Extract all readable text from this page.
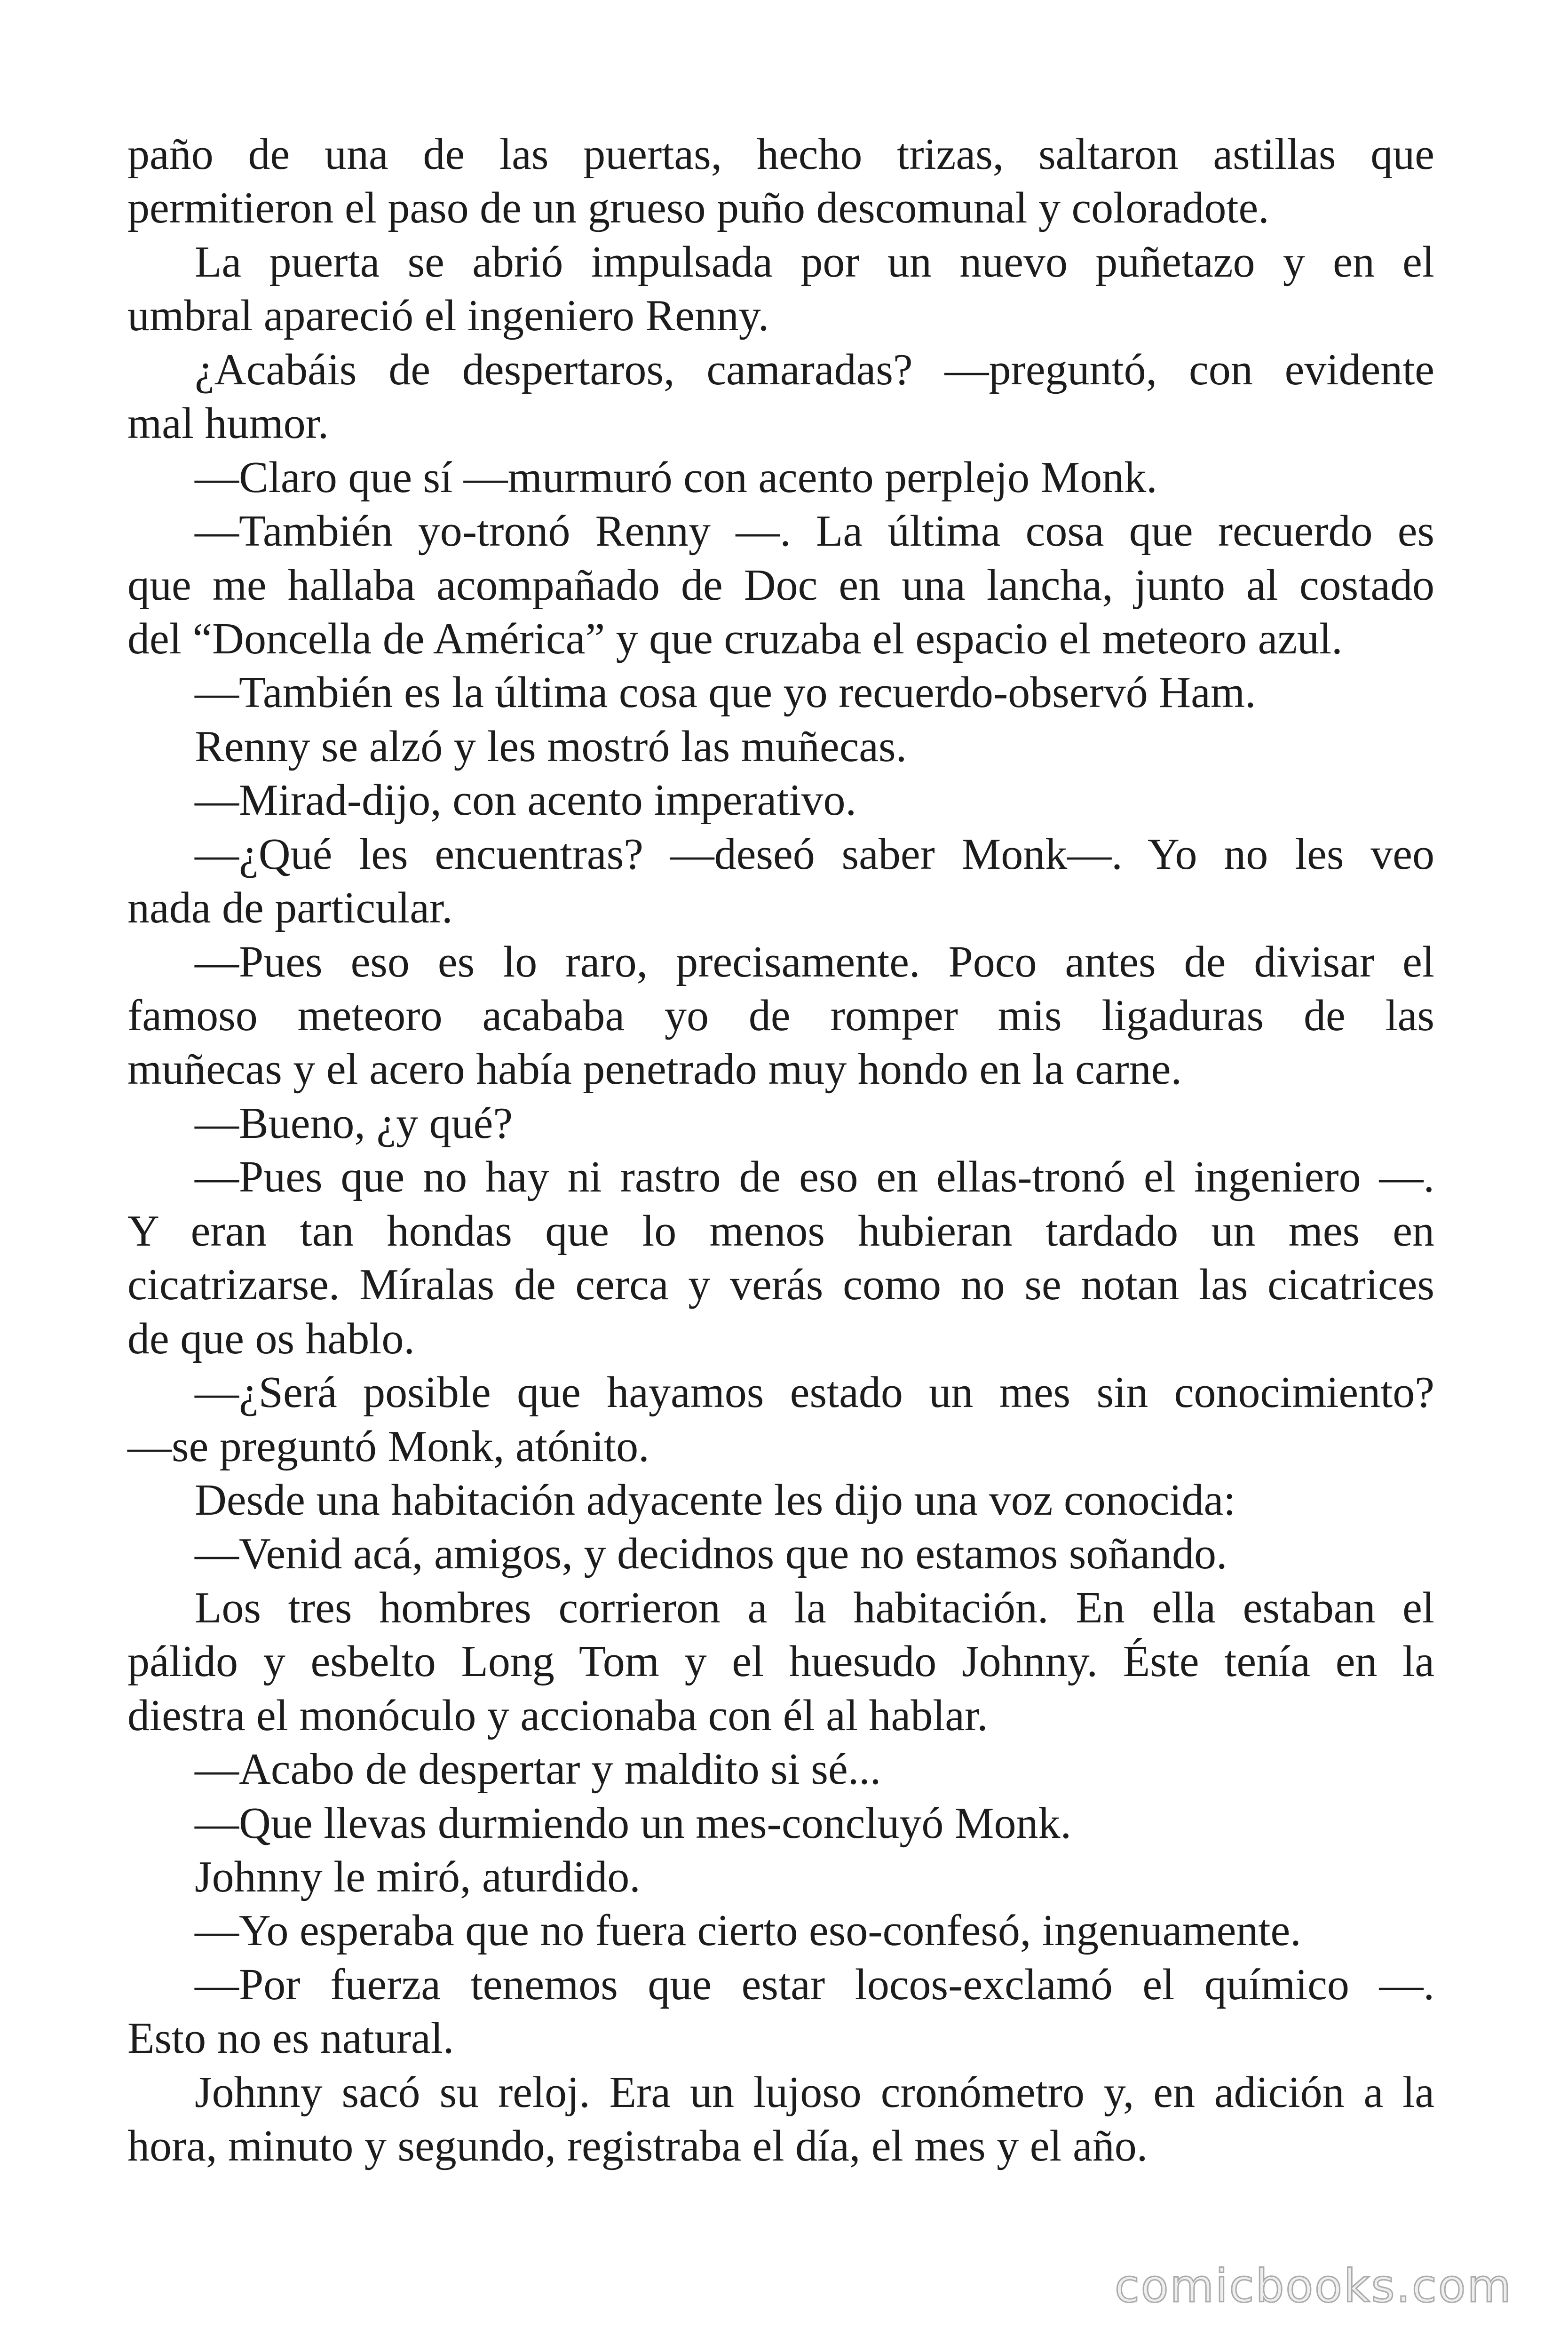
paño de una de las puertas, hecho trizas, saltaron astillas que
permitieron el paso de un grueso puño descomunal y coloradote.
La puerta se abrió impulsada por un nuevo puñetazo y en el
umbral apareció el ingeniero Renny.
¿Acabáis de despertaros, camaradas? —preguntó, con evidente
mal humor.
—Claro que sí —murmuró con acento perplejo Monk.
—También yo-tronó Renny —. La última cosa que recuerdo es
que me hallaba acompañado de Doc en una lancha, junto al costado
del “Doncella de América” y que cruzaba el espacio el meteoro azul.
—También es la última cosa que yo recuerdo-observó Ham.
Renny se alzó y les mostró las muñecas.
—Mirad-dijo, con acento imperativo.
—¿Qué les encuentras? —deseó saber Monk—. Yo no les veo
nada de particular.
—Pues eso es lo raro, precisamente. Poco antes de divisar el
famoso meteoro acababa yo de romper mis ligaduras de las
muñecas y el acero había penetrado muy hondo en la carne.
—Bueno, ¿y qué?
—Pues que no hay ni rastro de eso en ellas-tronó el ingeniero —.
Y eran tan hondas que lo menos hubieran tardado un mes en
cicatrizarse. Míralas de cerca y verás como no se notan las cicatrices
de que os hablo.
—¿Será posible que hayamos estado un mes sin conocimiento?
—se preguntó Monk, atónito.
Desde una habitación adyacente les dijo una voz conocida:
—Venid acá, amigos, y decidnos que no estamos soñando.
Los tres hombres corrieron a la habitación. En ella estaban el
pálido y esbelto Long Tom y el huesudo Johnny. Éste tenía en la
diestra el monóculo y accionaba con él al hablar.
—Acabo de despertar y maldito si sé...
—Que llevas durmiendo un mes-concluyó Monk.
Johnny le miró, aturdido.
—Yo esperaba que no fuera cierto eso-confesó, ingenuamente.
—Por fuerza tenemos que estar locos-exclamó el químico —.
Esto no es natural.
Johnny sacó su reloj. Era un lujoso cronómetro y, en adición a la
hora, minuto y segundo, registraba el día, el mes y el año.
comicbooks.com
